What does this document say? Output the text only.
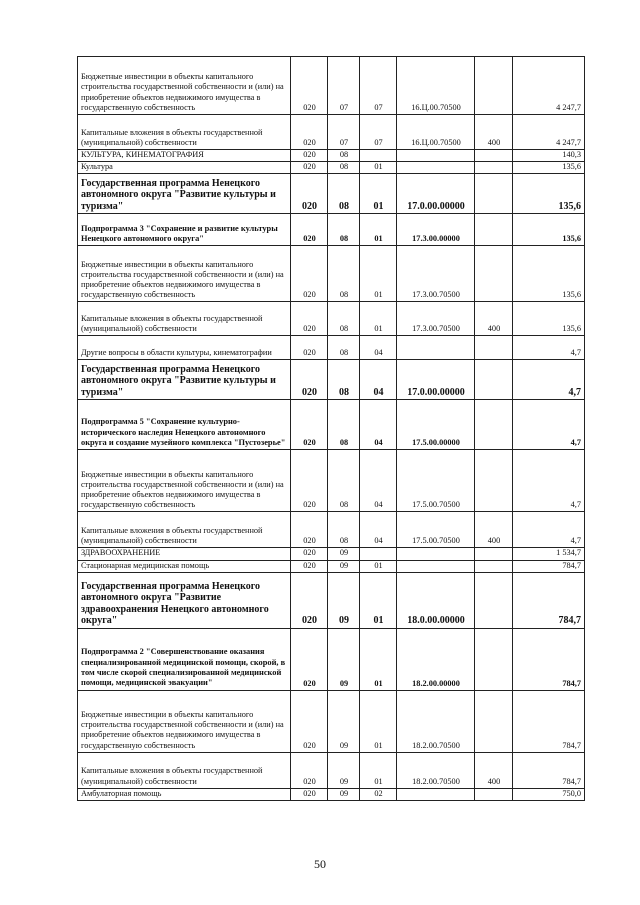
Бюджетные инвестиции в объекты капитального строительства государственной собственности и (или) на приобретение объектов недвижимого имущества в государственную собственность	020	07	07	16.Ц.00.70500		4 247,7
Капитальные вложения в объекты государственной (муниципальной) собственности	020	07	07	16.Ц.00.70500	400	4 247,7
КУЛЬТУРА, КИНЕМАТОГРАФИЯ	020	08				140,3
Культура	020	08	01			135,6
Государственная программа Ненецкого автономного округа "Развитие культуры и туризма"	020	08	01	17.0.00.00000		135,6
Подпрограмма 3 "Сохранение и развитие культуры Ненецкого автономного округа"	020	08	01	17.3.00.00000		135,6
Бюджетные инвестиции в объекты капитального строительства государственной собственности и (или) на приобретение объектов недвижимого имущества в государственную собственность	020	08	01	17.3.00.70500		135,6
Капитальные вложения в объекты государственной (муниципальной) собственности	020	08	01	17.3.00.70500	400	135,6
Другие вопросы в области культуры, кинематографии	020	08	04			4,7
Государственная программа Ненецкого автономного округа "Развитие культуры и туризма"	020	08	04	17.0.00.00000		4,7
Подпрограмма 5 "Сохранение культурно-исторического наследия Ненецкого автономного округа и создание музейного комплекса "Пустозерье"	020	08	04	17.5.00.00000		4,7
Бюджетные инвестиции в объекты капитального строительства государственной собственности и (или) на приобретение объектов недвижимого имущества в государственную собственность	020	08	04	17.5.00.70500		4,7
Капитальные вложения в объекты государственной (муниципальной) собственности	020	08	04	17.5.00.70500	400	4,7
ЗДРАВООХРАНЕНИЕ	020	09				1 534,7
Стационарная медицинская помощь	020	09	01			784,7
Государственная программа Ненецкого автономного округа "Развитие здравоохранения Ненецкого автономного округа"	020	09	01	18.0.00.00000		784,7
Подпрограмма 2 "Совершенствование оказания специализированной медицинской помощи, скорой, в том числе скорой специализированной медицинской помощи, медицинской эвакуации"	020	09	01	18.2.00.00000		784,7
Бюджетные инвестиции в объекты капитального строительства государственной собственности и (или) на приобретение объектов недвижимого имущества в государственную собственность	020	09	01	18.2.00.70500		784,7
Капитальные вложения в объекты государственной (муниципальной) собственности	020	09	01	18.2.00.70500	400	784,7
Амбулаторная помощь	020	09	02			750,0
50
